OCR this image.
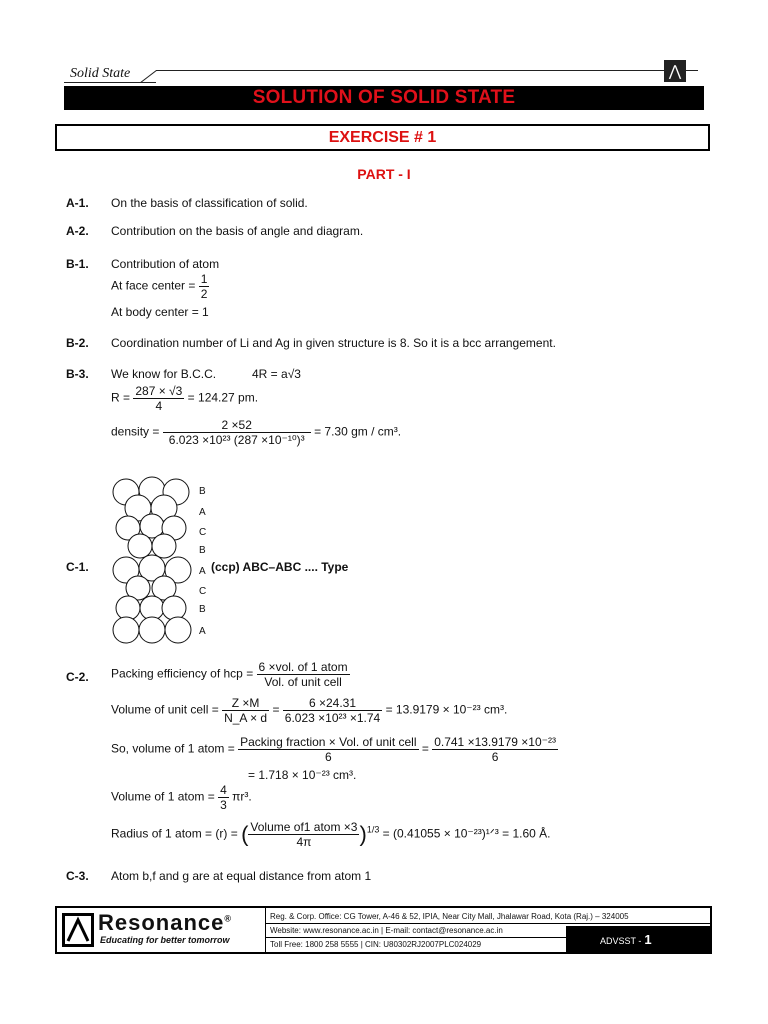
Solid State	⋀
SOLUTION OF SOLID STATE
EXERCISE # 1
PART - I
A-1. On the basis of classification of solid.
A-2. Contribution on the basis of angle and diagram.
B-1. Contribution of atom
At face center = $\frac{1}{2}$
At body center = 1
B-2. Coordination number of Li and Ag in given structure is 8. So it is a bcc arrangement.
B-3. We know for B.C.C.	4R = a√3
$R = \frac{287 \times √3}{4} = 124.27$ pm.
density = $\frac{2 \times 52}{\text{6.023 ×10²³ (287 ×10⁻¹⁰)³}} = 7.30$ gm / cm³.
C-1.
B
A
C
B
A
C
B
A
(ccp) ABC–ABC .... Type
C-2. Packing efficiency of hcp = $\frac{\text{6 ×vol. of 1 atom}}{\text{Vol. of unit cell}}$
Volume of unit cell = $\frac{Z \times M}{N\_A \times d} = \frac{6 \times 24.31}{\text{6.023 ×10²³ ×1.74}} = 13.9179 \times 10^{-23}$ cm³.
So, volume of 1 atom = $\frac{\text{Packing fraction × Vol. of unit cell}}{6} = \frac{\text{0.741 ×13.9179 ×10⁻²³}}{6}$
= 1.718 × 10⁻²³ cm³.
Volume of 1 atom = $\frac{4}{3} \pi r^3$.
Radius of 1 atom = (r) = ( $\frac{\text{Volume of1 atom ×3}}{4\pi} )^{1/3} = (0.41055$ × 10⁻²³)¹ᐟ³ = 1.60 Å.
C-3. Atom b,f and g are at equal distance from atom 1
Resonance®
Educating for better tomorrow
Reg. & Corp. Office: CG Tower, A-46 & 52, IPIA, Near City Mall, Jhalawar Road, Kota (Raj.) – 324005
Website: www.resonance.ac.in | E-mail: contact@resonance.ac.in
Toll Free: 1800 258 5555 | CIN: U80302RJ2007PLC024029	ADVSST - 1
